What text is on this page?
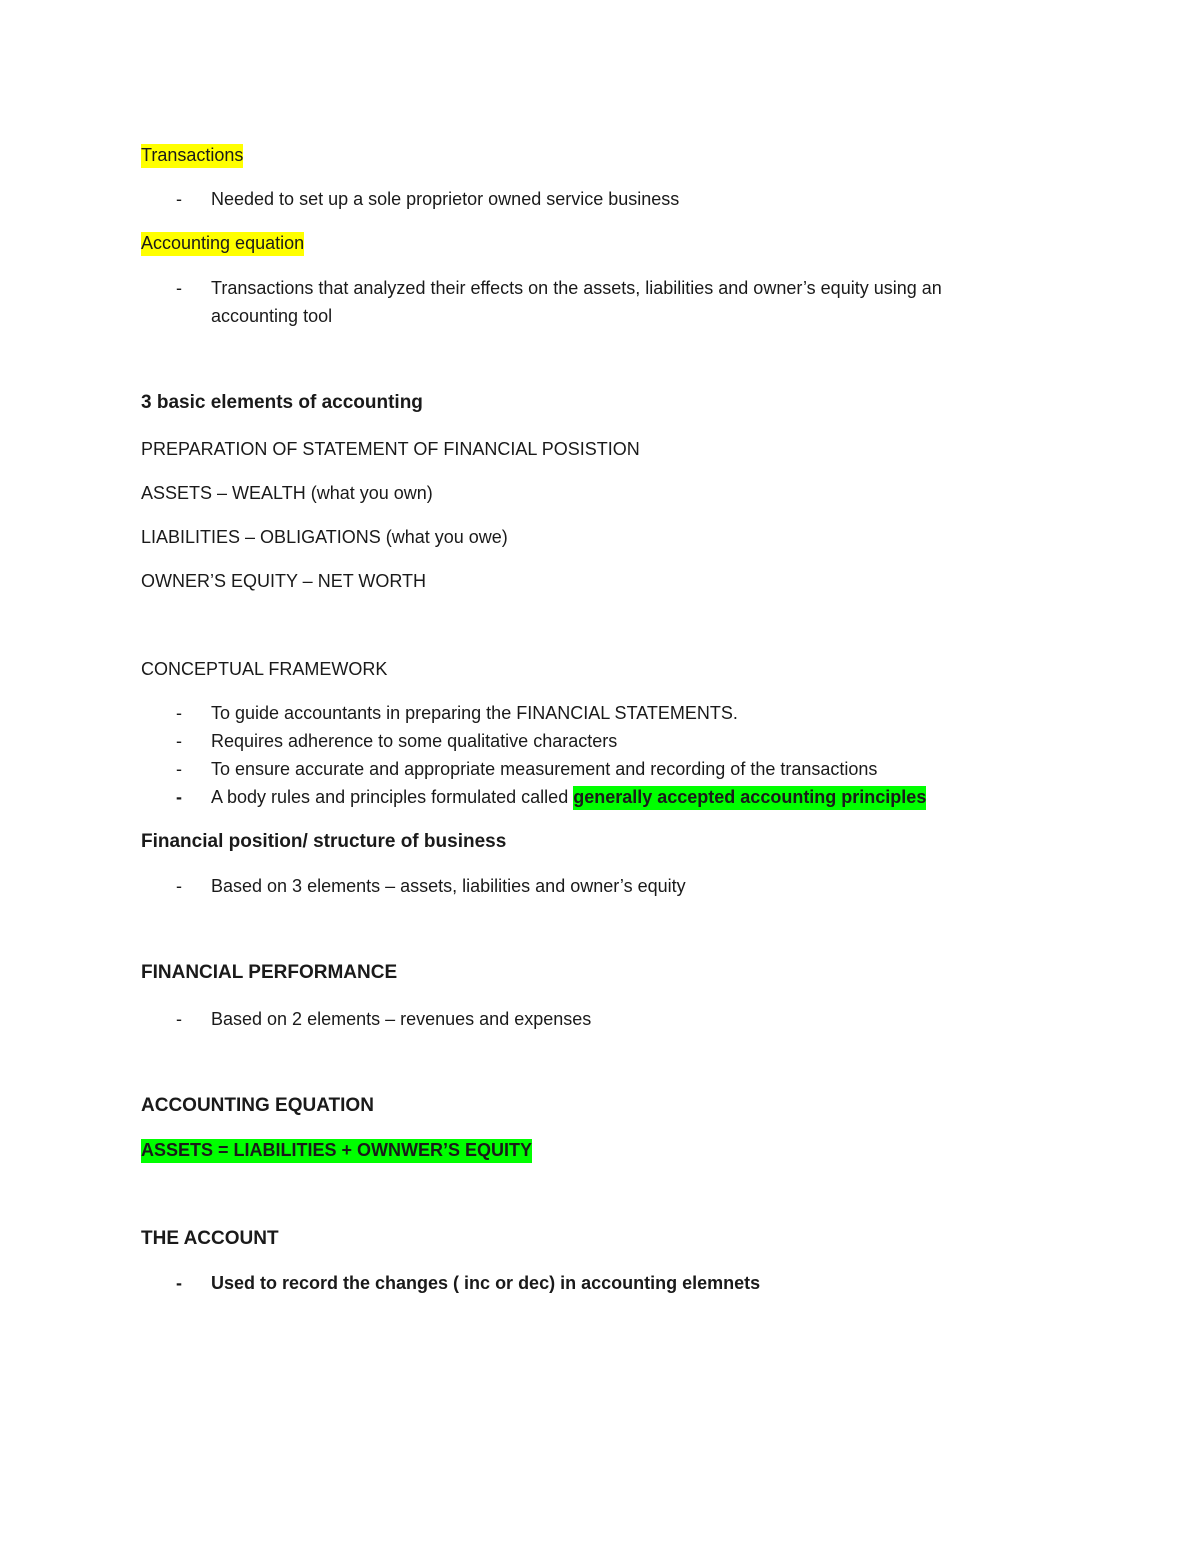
Transactions
- Needed to set up a sole proprietor owned service business
Accounting equation
- Transactions that analyzed their effects on the assets, liabilities and owner’s equity using an
accounting tool
3 basic elements of accounting
PREPARATION OF STATEMENT OF FINANCIAL POSISTION
ASSETS – WEALTH (what you own)
LIABILITIES – OBLIGATIONS (what you owe)
OWNER’S EQUITY – NET WORTH
CONCEPTUAL FRAMEWORK
- To guide accountants in preparing the FINANCIAL STATEMENTS.
- Requires adherence to some qualitative characters
- To ensure accurate and appropriate measurement and recording of the transactions
- A body rules and principles formulated called generally accepted accounting principles
Financial position/ structure of business
- Based on 3 elements – assets, liabilities and owner’s equity
FINANCIAL PERFORMANCE
- Based on 2 elements – revenues and expenses
ACCOUNTING EQUATION
ASSETS = LIABILITIES + OWNWER’S EQUITY
THE ACCOUNT
- Used to record the changes ( inc or dec) in accounting elemnets
